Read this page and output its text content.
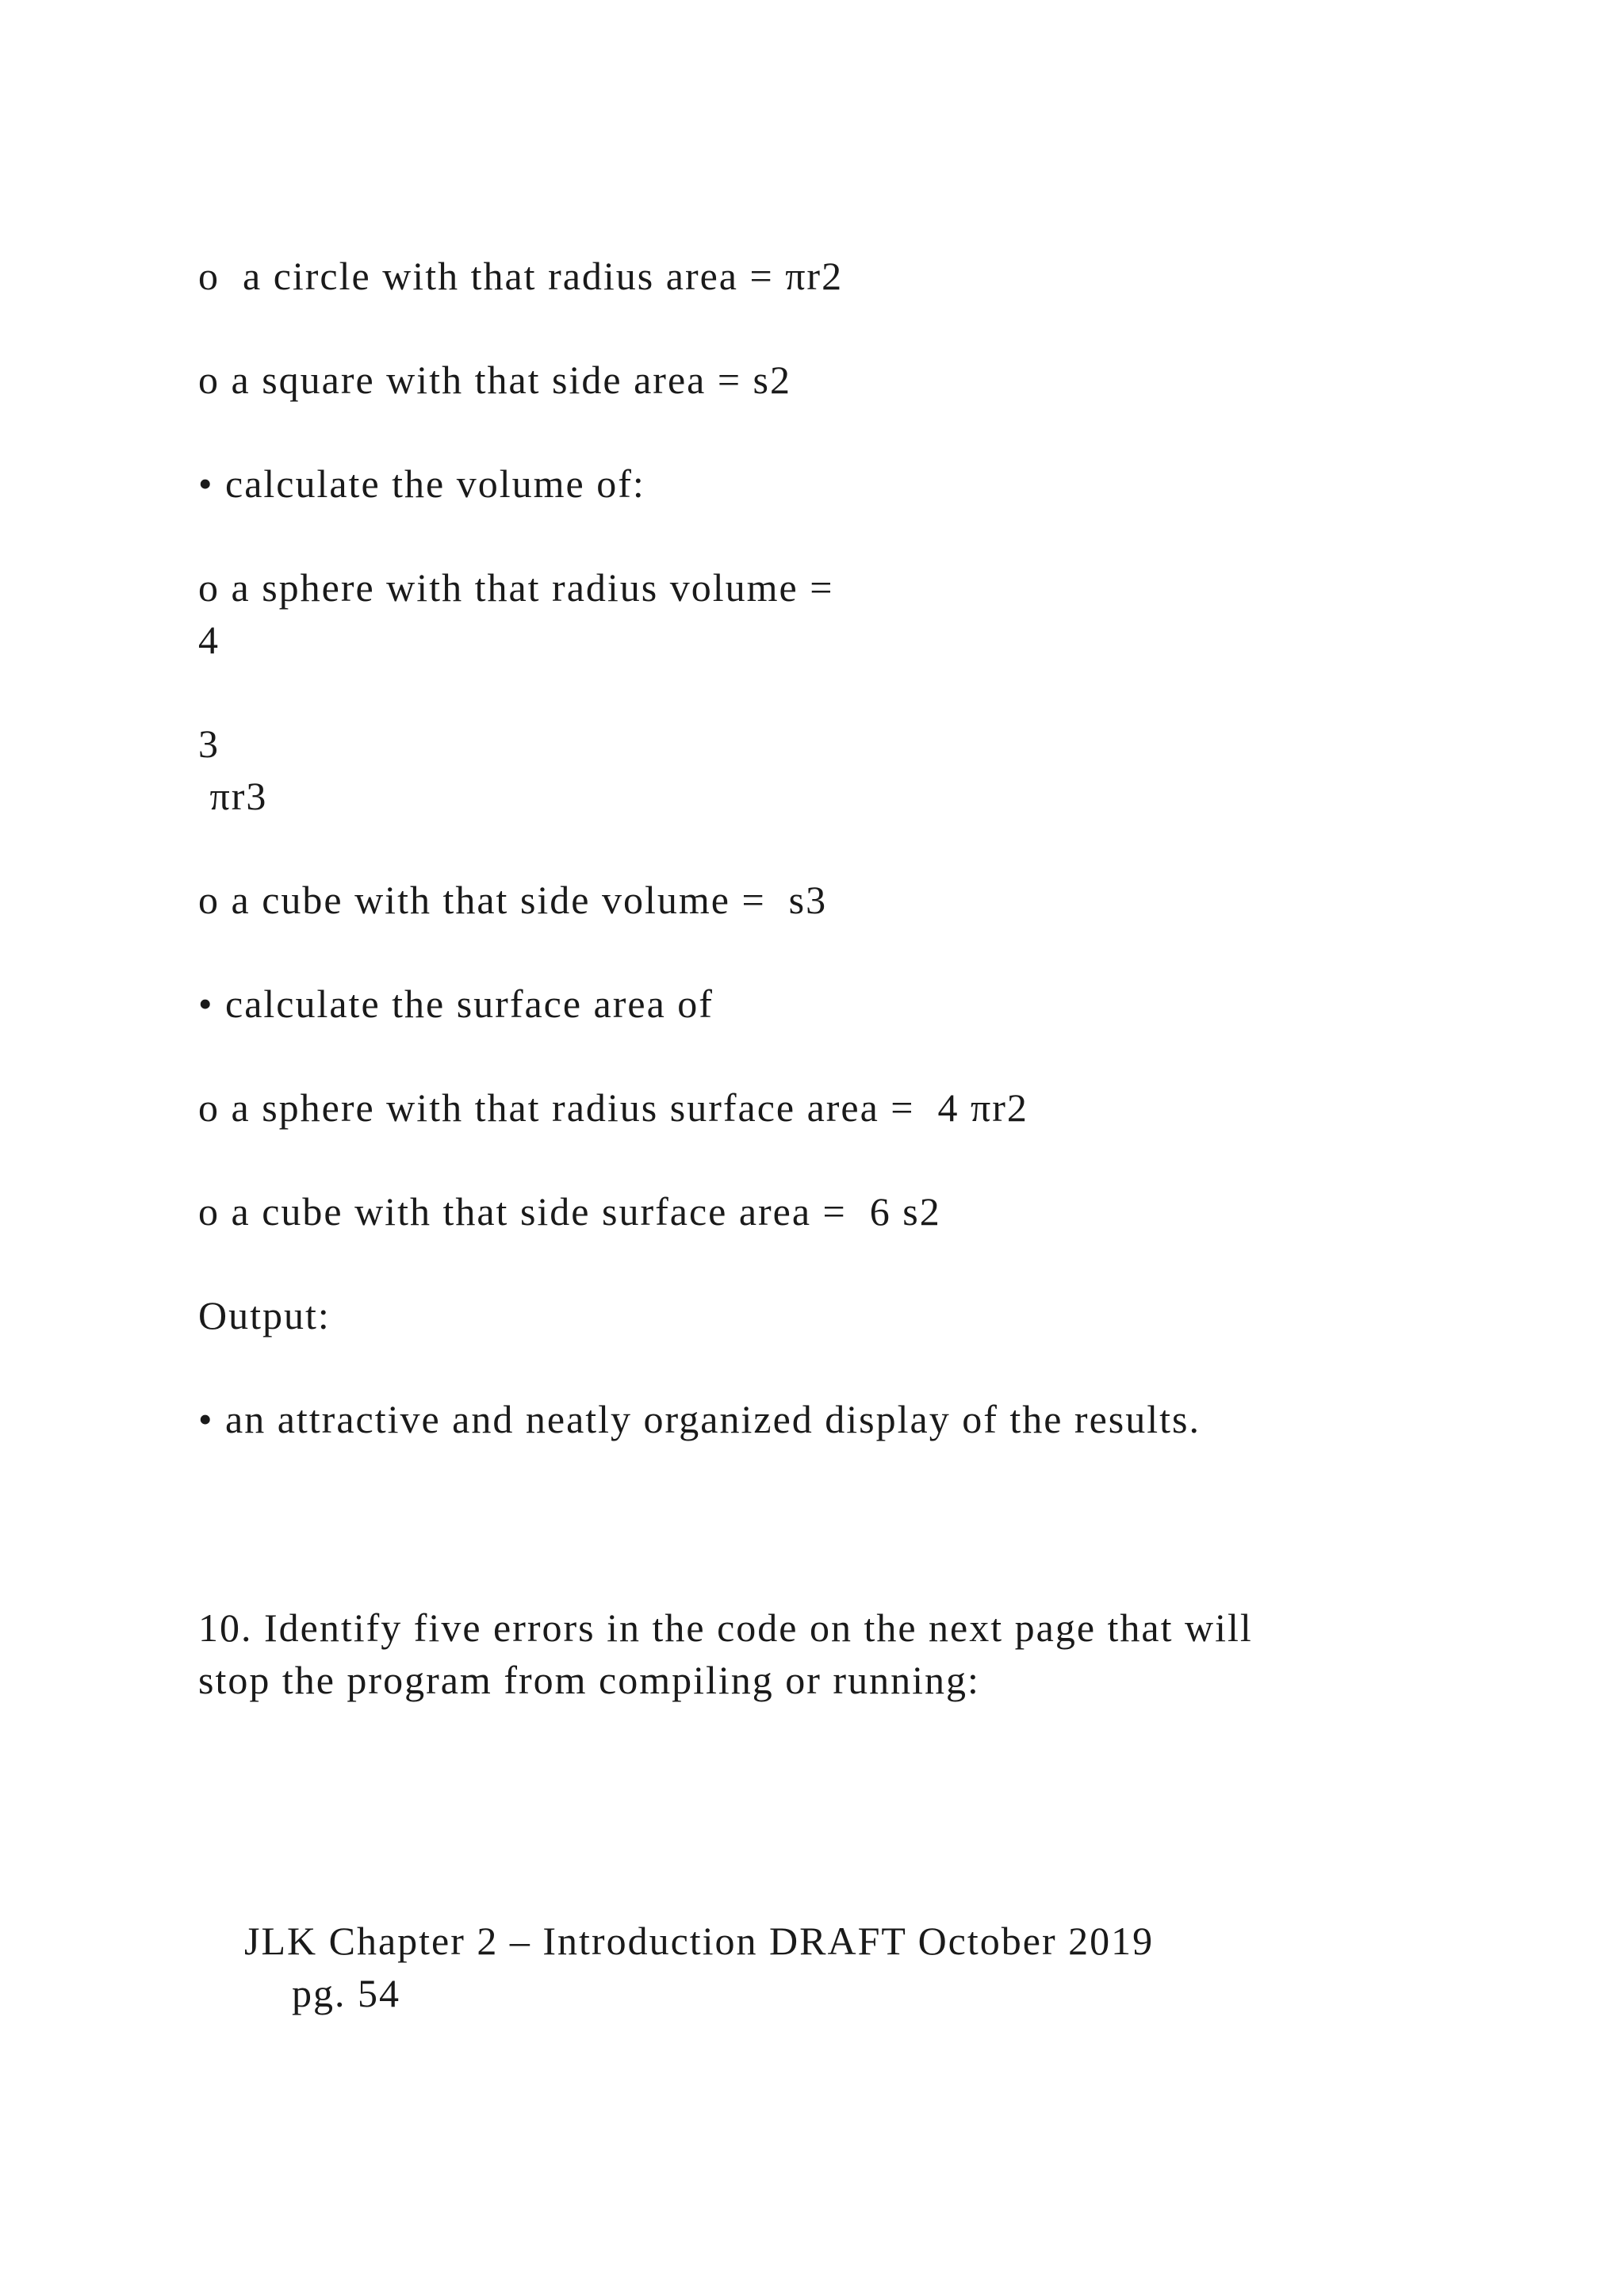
o  a circle with that radius area = πr2

o a square with that side area = s2

• calculate the volume of:

o a sphere with that radius volume =

4

3

πr3

o a cube with that side volume =  s3

• calculate the surface area of

o a sphere with that radius surface area =  4 πr2

o a cube with that side surface area =  6 s2

Output:

• an attractive and neatly organized display of the results.

10. Identify five errors in the code on the next page that will

stop the program from compiling or running:

JLK Chapter 2 – Introduction DRAFT October 2019
pg. 54
